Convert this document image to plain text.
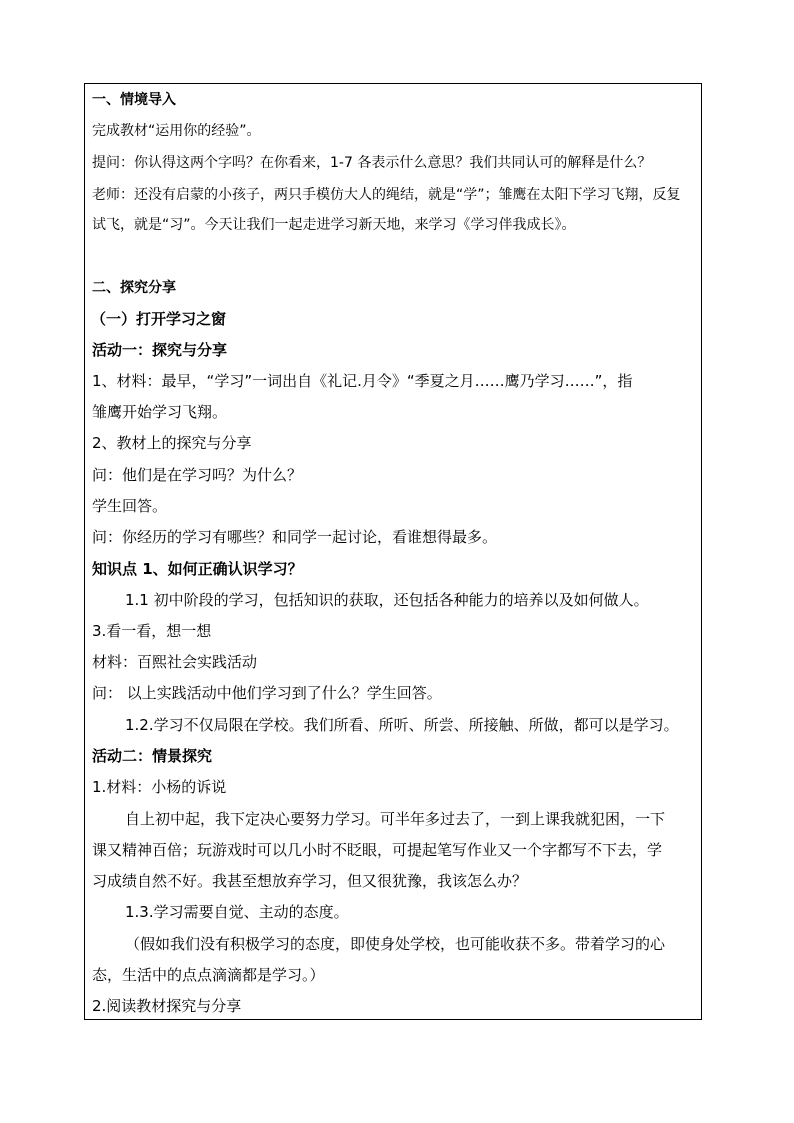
一、情境导入
完成教材“运用你的经验”。
提问：你认得这两个字吗？在你看来，1-7 各表示什么意思？我们共同认可的解释是什么？
老师：还没有启蒙的小孩子，两只手模仿大人的绳结，就是“学”；雏鹰在太阳下学习飞翔，反复
试飞，就是“习”。今天让我们一起走进学习新天地，来学习《学习伴我成长》。
二、探究分享
（一）打开学习之窗
活动一：探究与分享
1、材料：最早，“学习”一词出自《礼记.月令》“季夏之月……鹰乃学习……”，指
雏鹰开始学习飞翔。
2、教材上的探究与分享
问：他们是在学习吗？为什么？
学生回答。
问：你经历的学习有哪些？和同学一起讨论，看谁想得最多。
知识点 1、如何正确认识学习？
1.1 初中阶段的学习，包括知识的获取，还包括各种能力的培养以及如何做人。
3.看一看，想一想
材料：百熙社会实践活动
问： 以上实践活动中他们学习到了什么？学生回答。
1.2.学习不仅局限在学校。我们所看、所听、所尝、所接触、所做，都可以是学习。
活动二：情景探究
1.材料：小杨的诉说
自上初中起，我下定决心要努力学习。可半年多过去了，一到上课我就犯困，一下
课又精神百倍；玩游戏时可以几小时不眨眼，可提起笔写作业又一个字都写不下去，学
习成绩自然不好。我甚至想放弃学习，但又很犹豫，我该怎么办？
1.3.学习需要自觉、主动的态度。
（假如我们没有积极学习的态度，即使身处学校，也可能收获不多。带着学习的心
态，生活中的点点滴滴都是学习。）
2.阅读教材探究与分享
